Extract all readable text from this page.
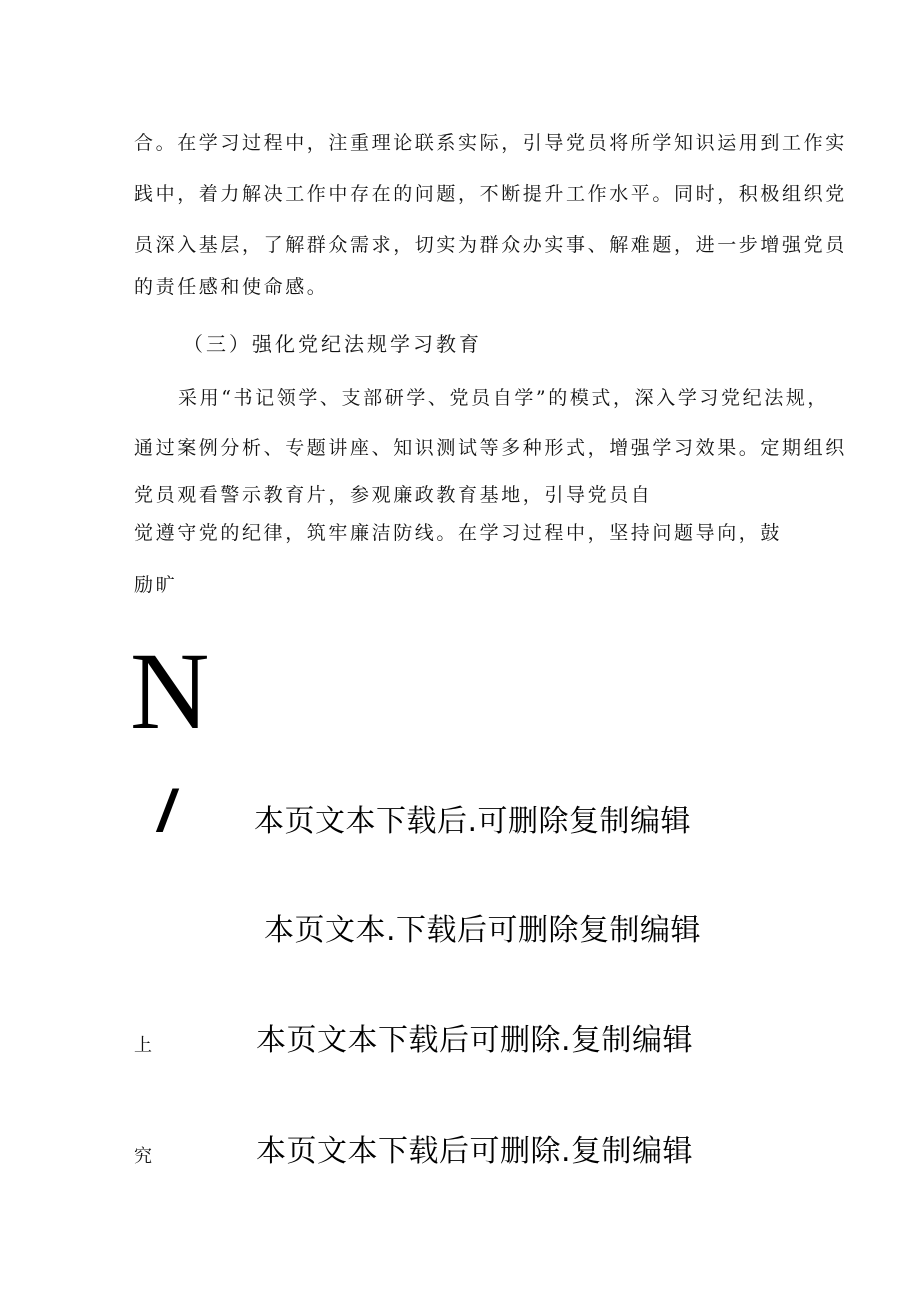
合。在学习过程中，注重理论联系实际，引导党员将所学知识运用到工作实
践中，着力解决工作中存在的问题，不断提升工作水平。同时，积极组织党
员深入基层，了解群众需求，切实为群众办实事、解难题，进一步增强党员
的责任感和使命感。
（三）强化党纪法规学习教育
采用“书记领学、支部研学、党员自学”的模式，深入学习党纪法规，
通过案例分析、专题讲座、知识测试等多种形式，增强学习效果。定期组织
党员观看警示教育片，参观廉政教育基地，引导党员自
觉遵守党的纪律，筑牢廉洁防线。在学习过程中，坚持问题导向，鼓
励旷
N
/
上
究
本页文本下载后.可删除复制编辑
本页文本.下载后可删除复制编辑
本页文本下载后可删除.复制编辑
本页文本下载后可删除.复制编辑
